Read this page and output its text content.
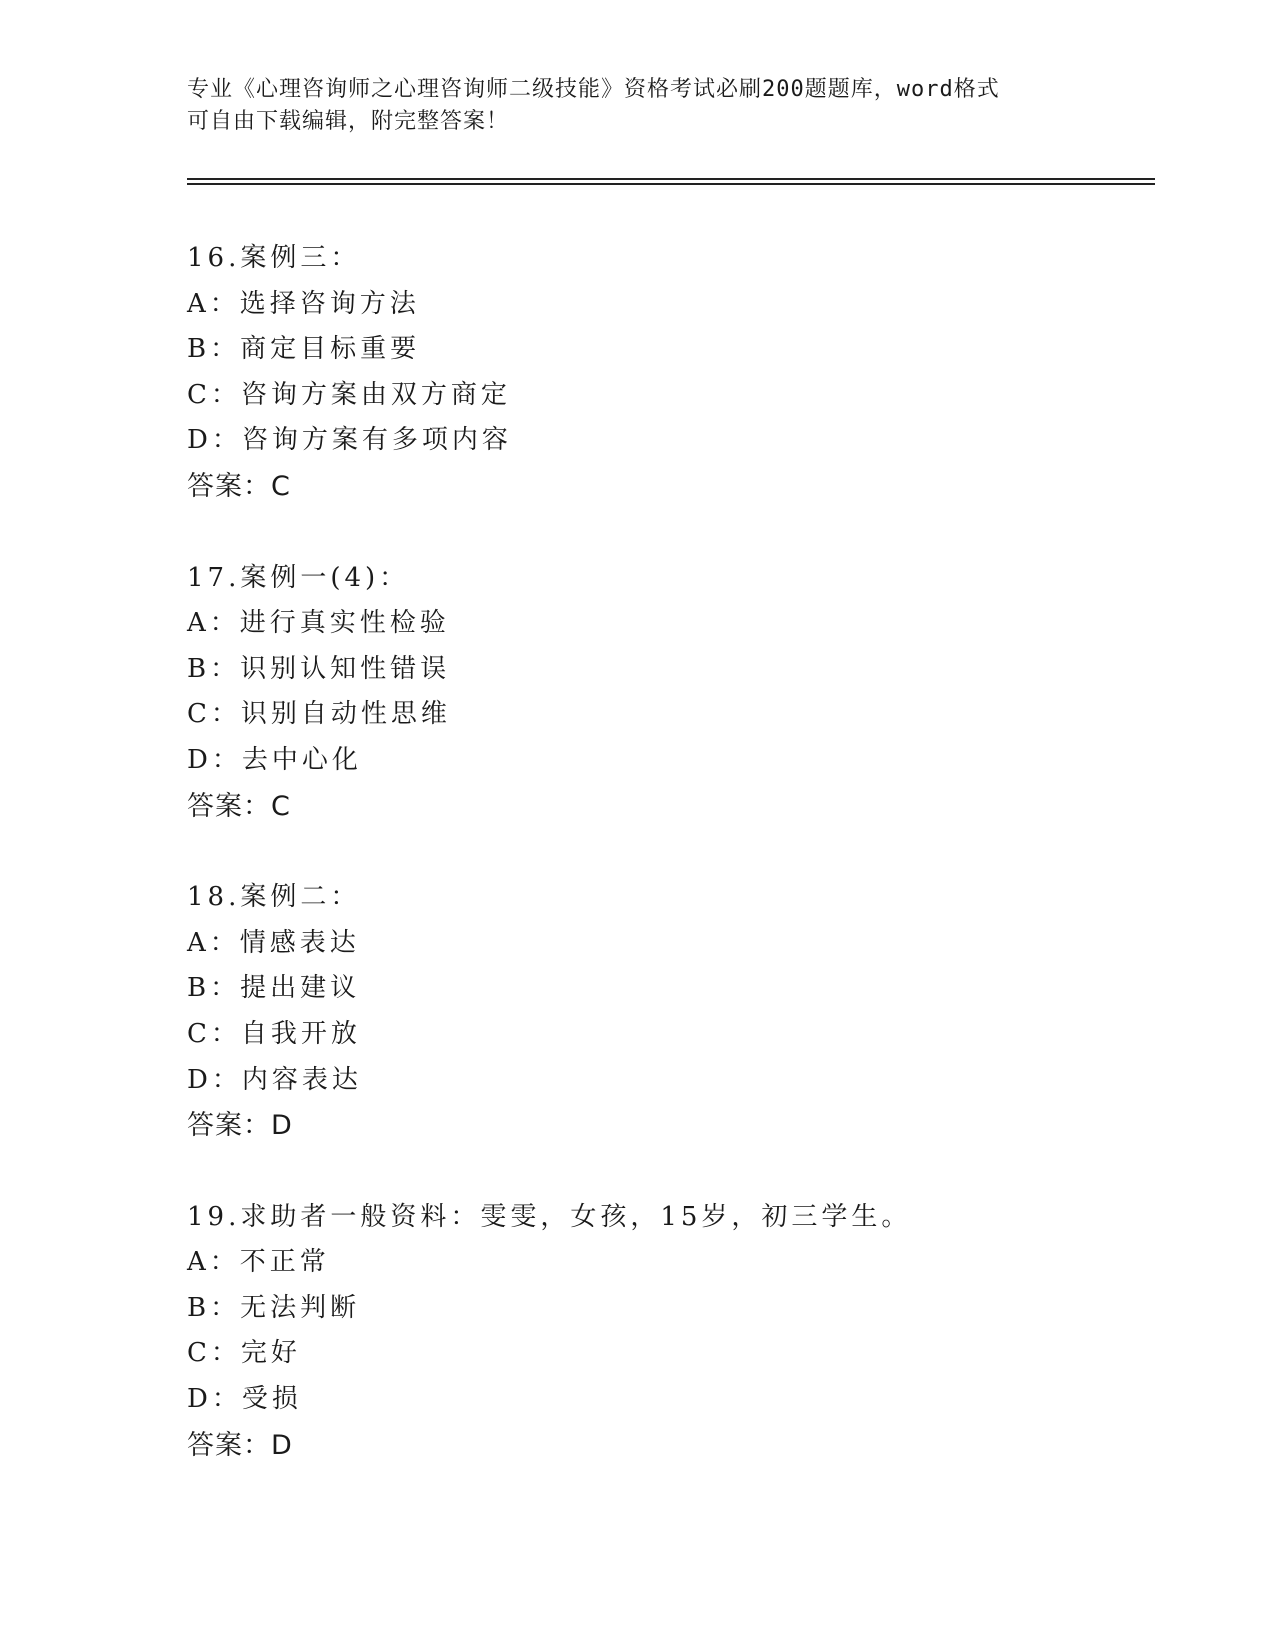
专业《心理咨询师之心理咨询师二级技能》资格考试必刷200题题库，word格式

可自由下载编辑，附完整答案！

16.案例三：
A：选择咨询方法
B：商定目标重要
C：咨询方案由双方商定
D：咨询方案有多项内容
答案：C
17.案例一(4)：
A：进行真实性检验
B：识别认知性错误
C：识别自动性思维
D：去中心化
答案：C
18.案例二：
A：情感表达
B：提出建议
C：自我开放
D：内容表达
答案：D
19.求助者一般资料：雯雯，女孩，15岁，初三学生。
A：不正常
B：无法判断
C：完好
D：受损
答案：D
